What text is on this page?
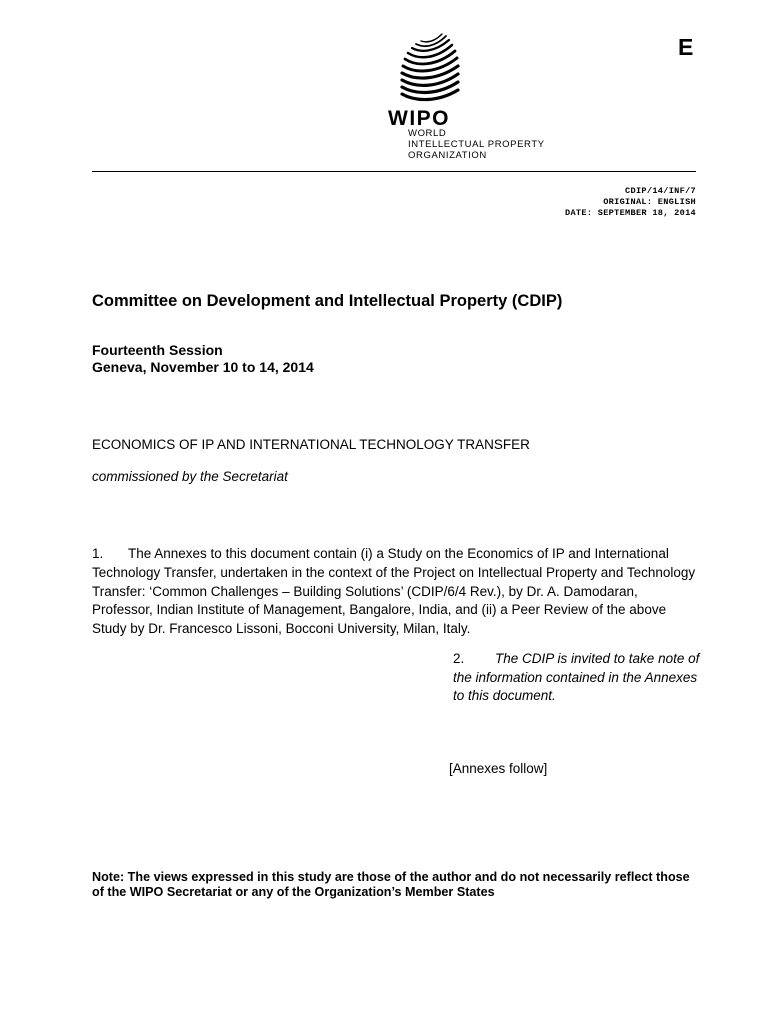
E
WIPO
WORLD
INTELLECTUAL PROPERTY
ORGANIZATION
CDIP/14/INF/7
ORIGINAL: ENGLISH
DATE: SEPTEMBER 18, 2014
Committee on Development and Intellectual Property (CDIP)
Fourteenth Session
Geneva, November 10 to 14, 2014
ECONOMICS OF IP AND INTERNATIONAL TECHNOLOGY TRANSFER
commissioned by the Secretariat
1. The Annexes to this document contain (i) a Study on the Economics of IP and International Technology Transfer, undertaken in the context of the Project on Intellectual Property and Technology Transfer: ‘Common Challenges – Building Solutions’ (CDIP/6/4 Rev.), by Dr. A. Damodaran, Professor, Indian Institute of Management, Bangalore, India, and (ii) a Peer Review of the above Study by Dr. Francesco Lissoni, Bocconi University, Milan, Italy.
2. The CDIP is invited to take note of the information contained in the Annexes to this document.
[Annexes follow]
Note: The views expressed in this study are those of the author and do not necessarily reflect those of the WIPO Secretariat or any of the Organization’s Member States
